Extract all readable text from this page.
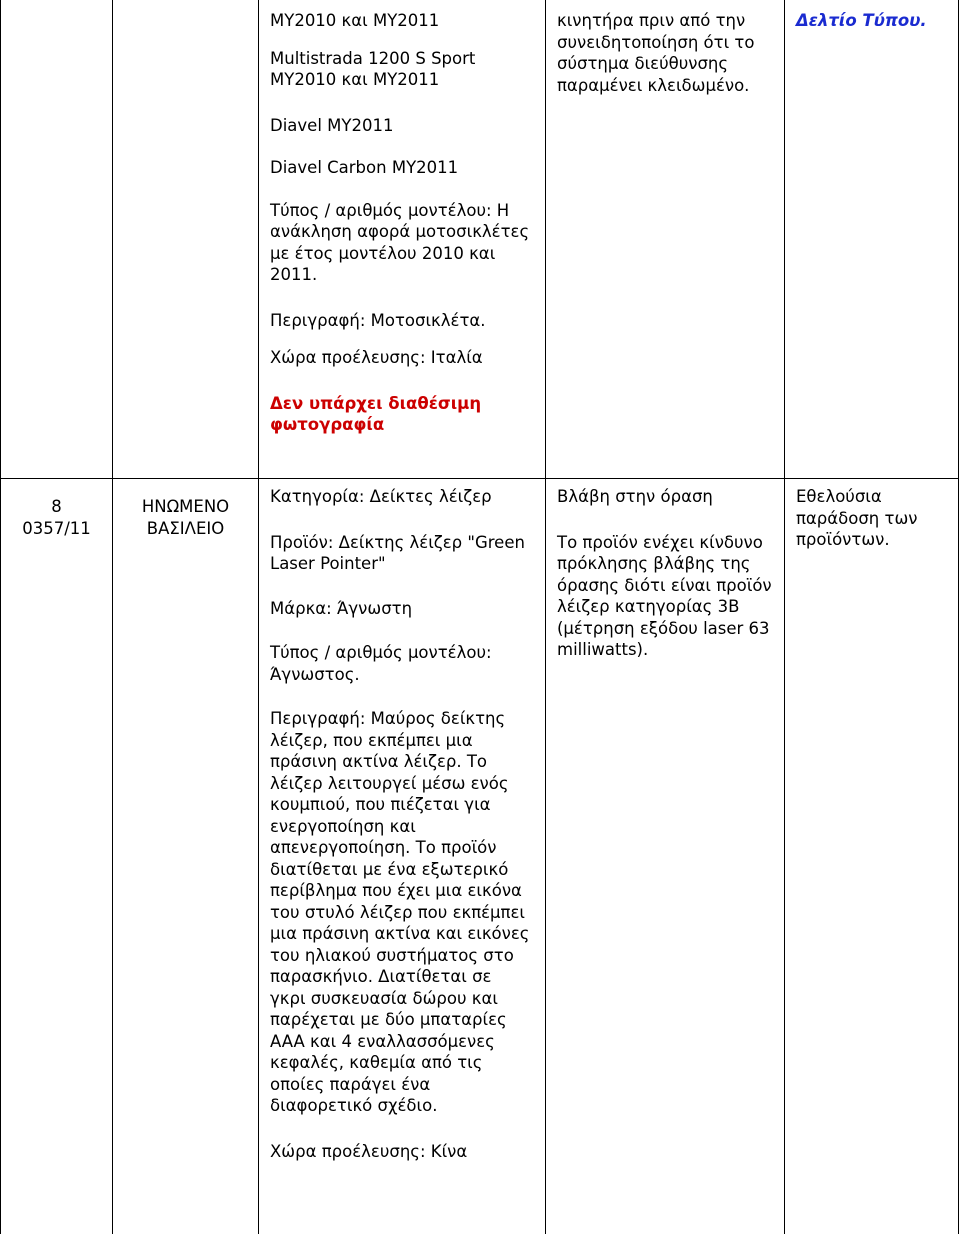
MY2010 και MY2011

Multistrada 1200 S Sport
MY2010 και MY2011

Diavel MY2011

Diavel Carbon MY2011

Τύπος / αριθμός μοντέλου: Η ανάκληση αφορά μοτοσικλέτες με έτος μοντέλου 2010 και 2011.

Περιγραφή: Μοτοσικλέτα.

Χώρα προέλευσης: Ιταλία

Δεν υπάρχει διαθέσιμη φωτογραφία

κινητήρα πριν από την συνειδητοποίηση ότι το σύστημα διεύθυνσης παραμένει κλειδωμένο.

Δελτίο Τύπου.

8

0357/11

ΗΝΩΜΕΝΟ ΒΑΣΙΛΕΙΟ

Κατηγορία: Δείκτες λέιζερ

Προϊόν: Δείκτης λέιζερ "Green Laser Pointer"

Μάρκα: Άγνωστη

Τύπος / αριθμός μοντέλου: Άγνωστος.

Περιγραφή: Μαύρος δείκτης λέιζερ, που εκπέμπει μια πράσινη ακτίνα λέιζερ. Το λέιζερ λειτουργεί μέσω ενός κουμπιού, που πιέζεται για ενεργοποίηση και απενεργοποίηση. Το προϊόν διατίθεται με ένα εξωτερικό περίβλημα που έχει μια εικόνα του στυλό λέιζερ που εκπέμπει μια πράσινη ακτίνα και εικόνες του ηλιακού συστήματος στο παρασκήνιο. Διατίθεται σε γκρι συσκευασία δώρου και παρέχεται με δύο μπαταρίες AAA και 4 εναλλασσόμενες κεφαλές, καθεμία από τις οποίες παράγει ένα διαφορετικό σχέδιο.

Χώρα προέλευσης: Κίνα

Βλάβη στην όραση

Το προϊόν ενέχει κίνδυνο πρόκλησης βλάβης της όρασης διότι είναι προϊόν λέιζερ κατηγορίας 3B (μέτρηση εξόδου laser 63 milliwatts).

Εθελούσια παράδοση των προϊόντων.
